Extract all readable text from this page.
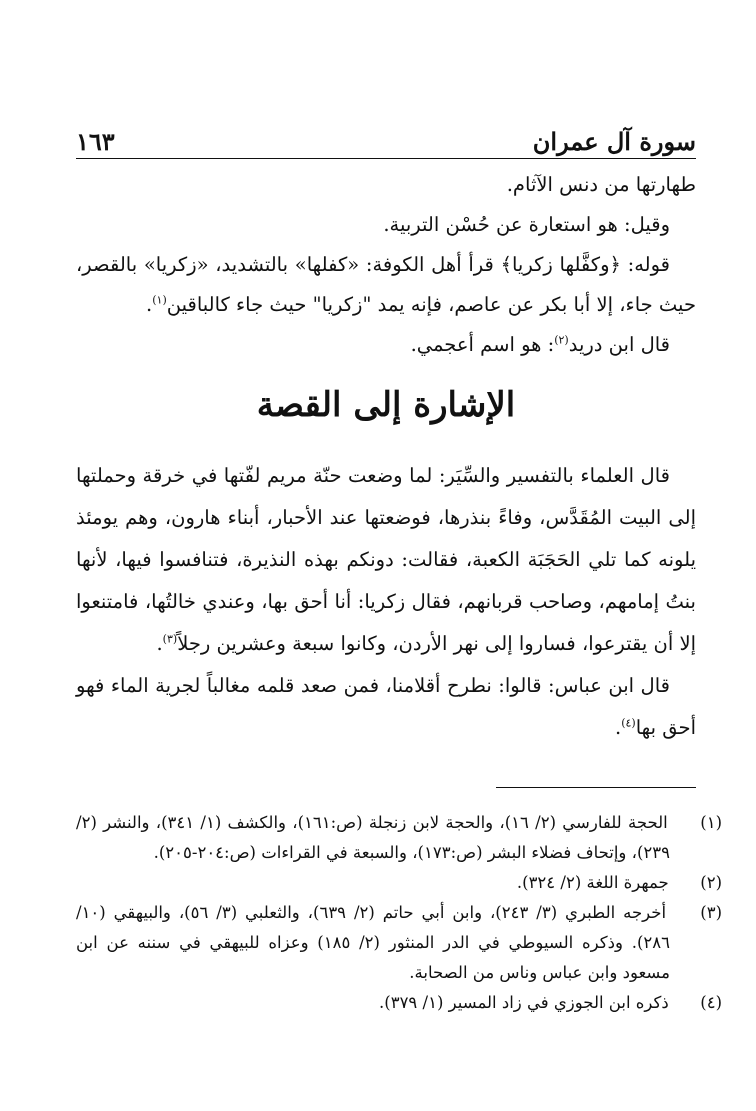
سورة آل عمران
١٦٣

طهارتها من دنس الآثام.

وقيل: هو استعارة عن حُسْن التربية.

قوله: ﴿وكفَّلها زكريا﴾ قرأ أهل الكوفة: «كفلها» بالتشديد، «زكريا» بالقصر، حيث جاء، إلا أبا بكر عن عاصم، فإنه يمد "زكريا" حيث جاء كالباقين$^{(١)}$.

قال ابن دريد$^{(٢)}$: هو اسم أعجمي.

الإشارة إلى القصة

قال العلماء بالتفسير والسِّيَر: لما وضعت حنّة مريم لفّتها في خرقة وحملتها إلى البيت المُقَدَّس، وفاءً بنذرها، فوضعتها عند الأحبار، أبناء هارون، وهم يومئذ يلونه كما تلي الحَجَبَة الكعبة، فقالت: دونكم بهذه النذيرة، فتنافسوا فيها، لأنها بنتُ إمامهم، وصاحب قربانهم، فقال زكريا: أنا أحق بها، وعندي خالتُها، فامتنعوا إلا أن يقترعوا، فساروا إلى نهر الأردن، وكانوا سبعة وعشرين رجلاً$^{(٣)}$.

قال ابن عباس: قالوا: نطرح أقلامنا، فمن صعد قلمه مغالباً لجرية الماء فهو أحق بها$^{(٤)}$.

(١) الحجة للفارسي (٢/ ١٦)، والحجة لابن زنجلة (ص:١٦١)، والكشف (١/ ٣٤١)، والنشر (٢/ ٢٣٩)، وإتحاف فضلاء البشر (ص:١٧٣)، والسبعة في القراءات (ص:٢٠٤-٢٠٥).

(٢) جمهرة اللغة (٢/ ٣٢٤).

(٣) أخرجه الطبري (٣/ ٢٤٣)، وابن أبي حاتم (٢/ ٦٣٩)، والثعلبي (٣/ ٥٦)، والبيهقي (١٠/ ٢٨٦). وذكره السيوطي في الدر المنثور (٢/ ١٨٥) وعزاه للبيهقي في سننه عن ابن مسعود وابن عباس وناس من الصحابة.

(٤) ذكره ابن الجوزي في زاد المسير (١/ ٣٧٩).
